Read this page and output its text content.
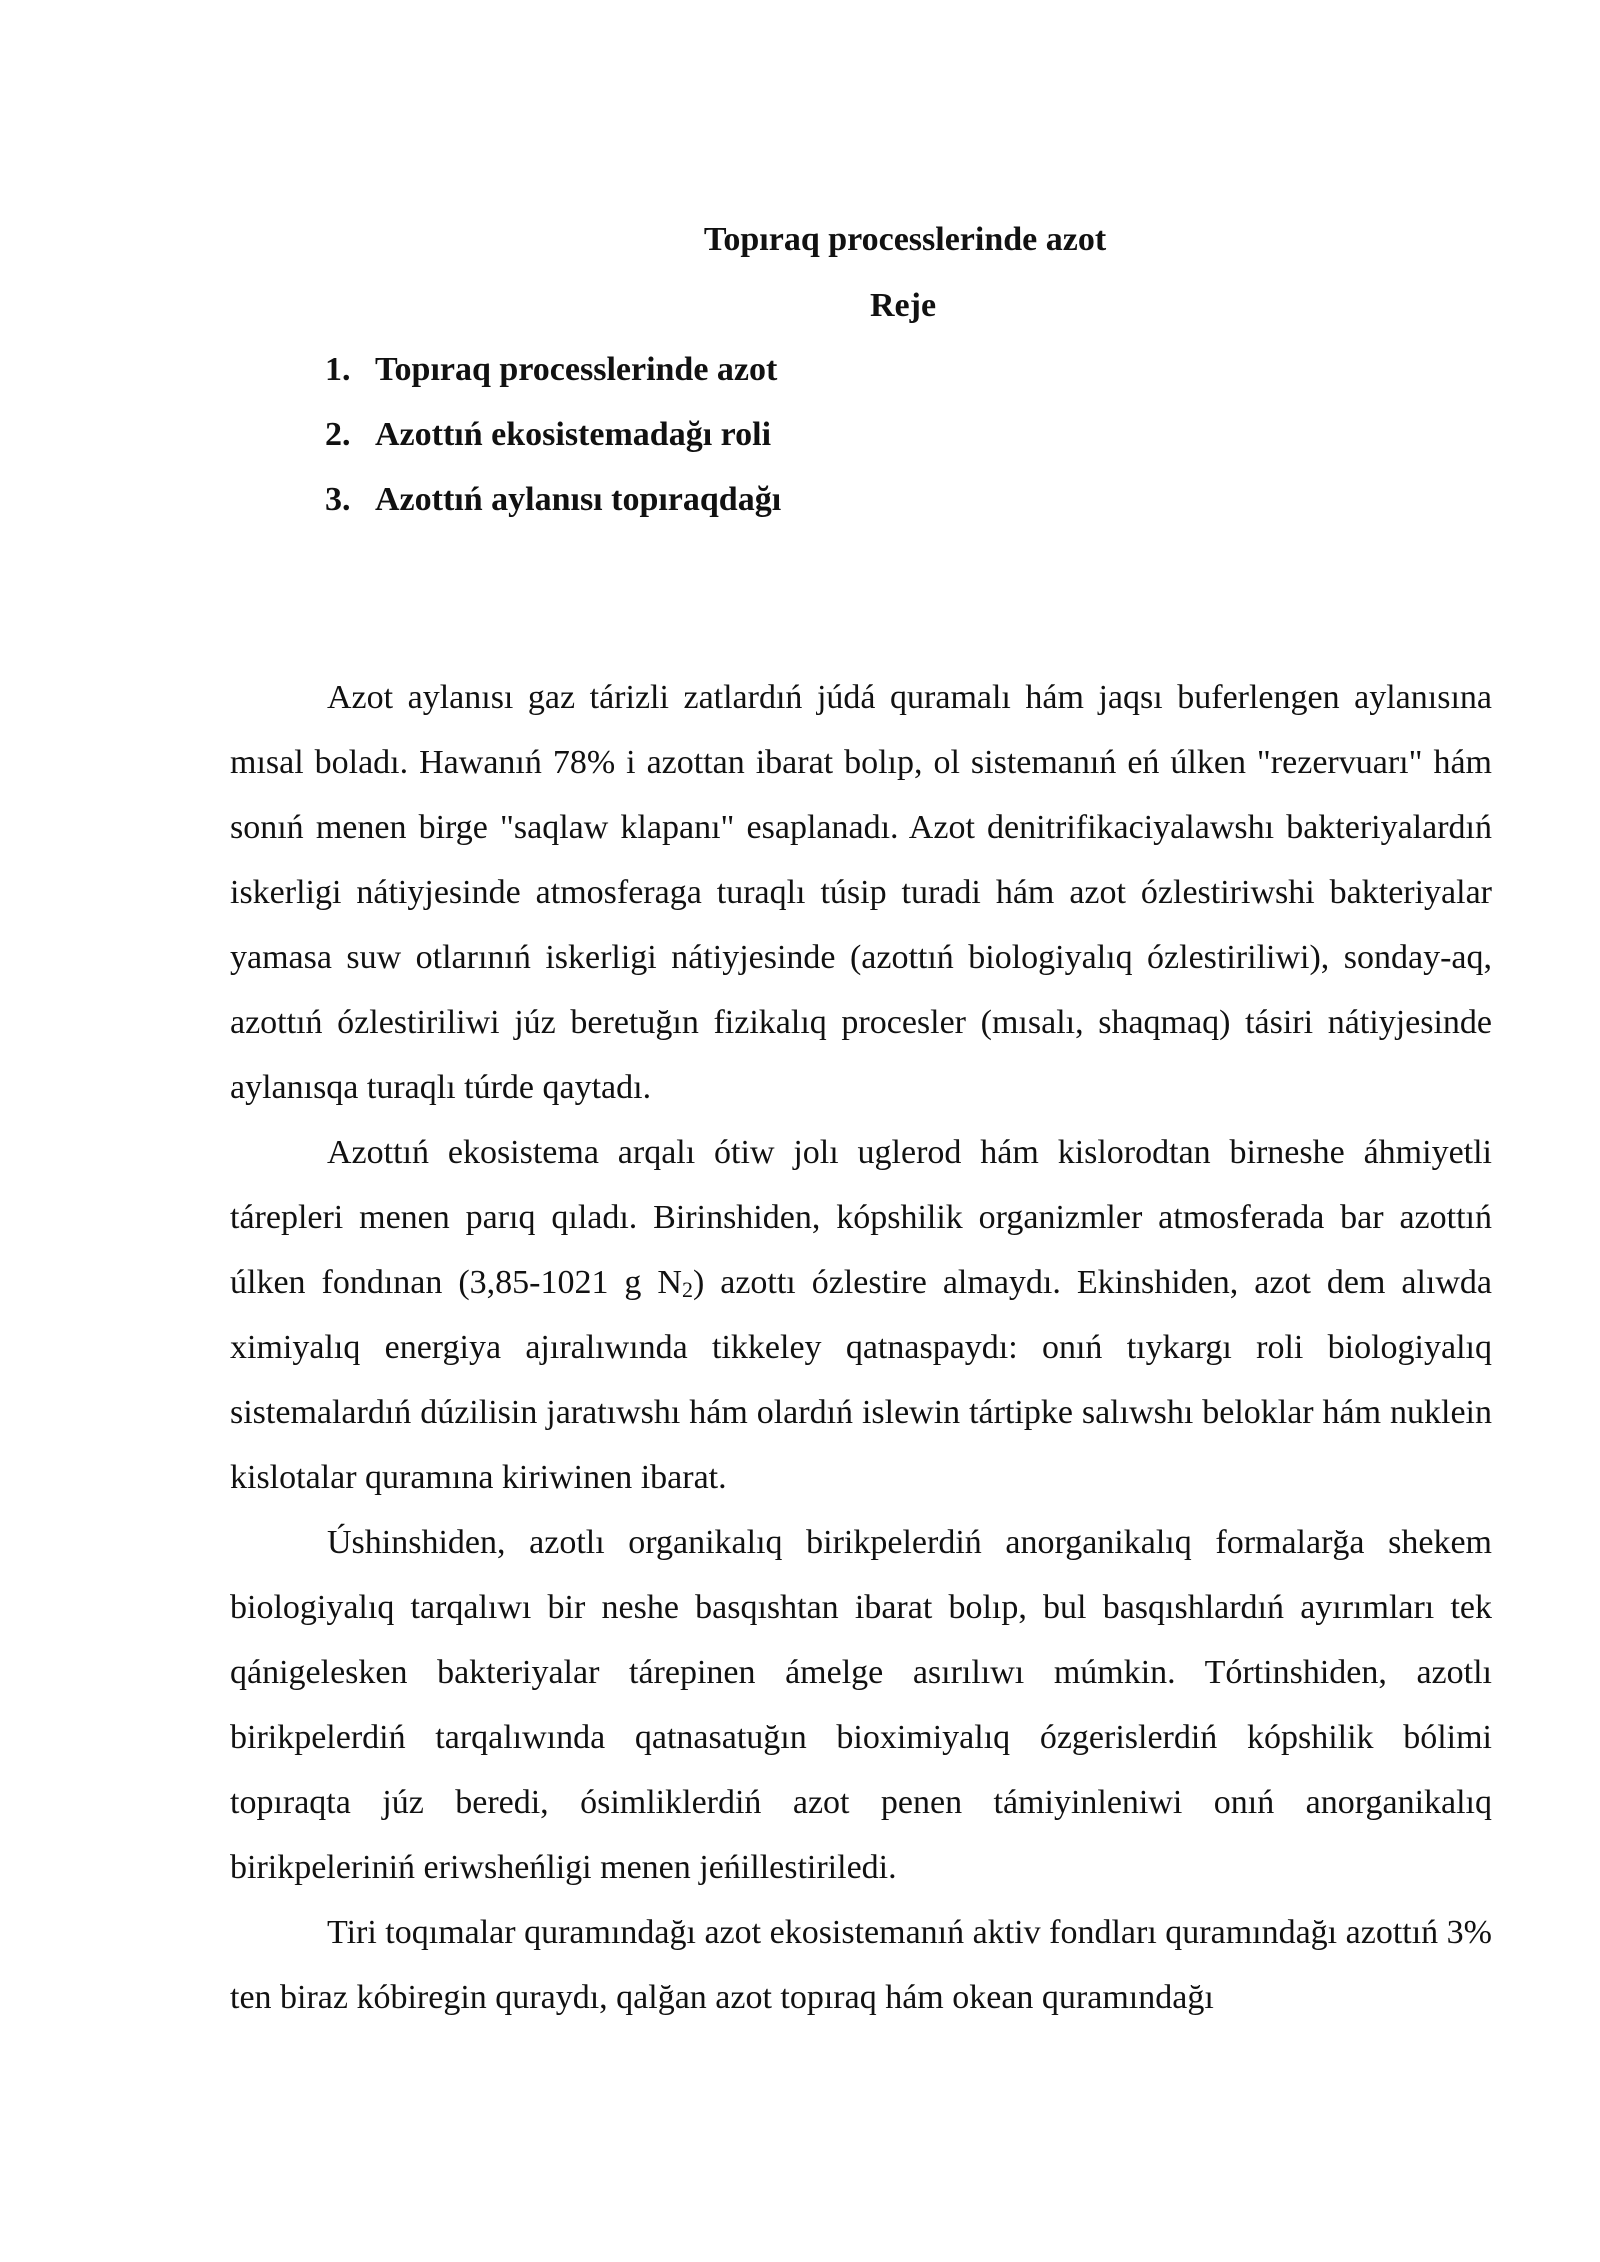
Topıraq processlerinde azot
Reje
1. Topıraq processlerinde azot
2. Azottıń ekosistemadağı roli
3. Azottıń aylanısı topıraqdağı

Azot aylanısı gaz tárizli zatlardıń júdá quramalı hám jaqsı buferlengen aylanısına mısal boladı. Hawanıń 78% i azottan ibarat bolıp, ol sistemanıń eń úlken "rezervuarı" hám sonıń menen birge "saqlaw klapanı" esaplanadı. Azot denitrifikaciyalawshı bakteriyalardıń iskerligi nátiyjesinde atmosferaga turaqlı túsip turadi hám azot ózlestiriwshi bakteriyalar yamasa suw otlarınıń iskerligi nátiyjesinde (azottıń biologiyalıq ózlestiriliwi), sonday-aq, azottıń ózlestiriliwi júz beretuğın fizikalıq procesler (mısalı, shaqmaq) tásiri nátiyjesinde aylanısqa turaqlı túrde qaytadı.

Azottıń ekosistema arqalı ótiw jolı uglerod hám kislorodtan birneshe áhmiyetli tárepleri menen parıq qıladı. Birinshiden, kópshilik organizmler atmosferada bar azottıń úlken fondınan (3,85-1021 g $N_2$) azottı ózlestire almaydı. Ekinshiden, azot dem alıwda ximiyalıq energiya ajıralıwında tikkeley qatnaspaydı: onıń tıykargı roli biologiyalıq sistemalardıń dúzilisin jaratıwshı hám olardıń islewin tártipke salıwshı beloklar hám nuklein kislotalar quramına kiriwinen ibarat.

Úshinshiden, azotlı organikalıq birikpelerdiń anorganikalıq formalarğa shekem biologiyalıq tarqalıwı bir neshe basqıshtan ibarat bolıp, bul basqıshlardıń ayırımları tek qánigelesken bakteriyalar tárepinen ámelge asırılıwı múmkin. Tórtinshiden, azotlı birikpelerdiń tarqalıwında qatnasatuğın bioximiyalıq ózgerislerdiń kópshilik bólimi topıraqta júz beredi, ósimliklerdiń azot penen támiyinleniwi onıń anorganikalıq birikpeleriniń eriwsheńligi menen jeńillestiriledi.

Tiri toqımalar quramındağı azot ekosistemanıń aktiv fondları quramındağı azottıń 3% ten biraz kóbiregin quraydı, qalğan azot topıraq hám okean quramındağı
